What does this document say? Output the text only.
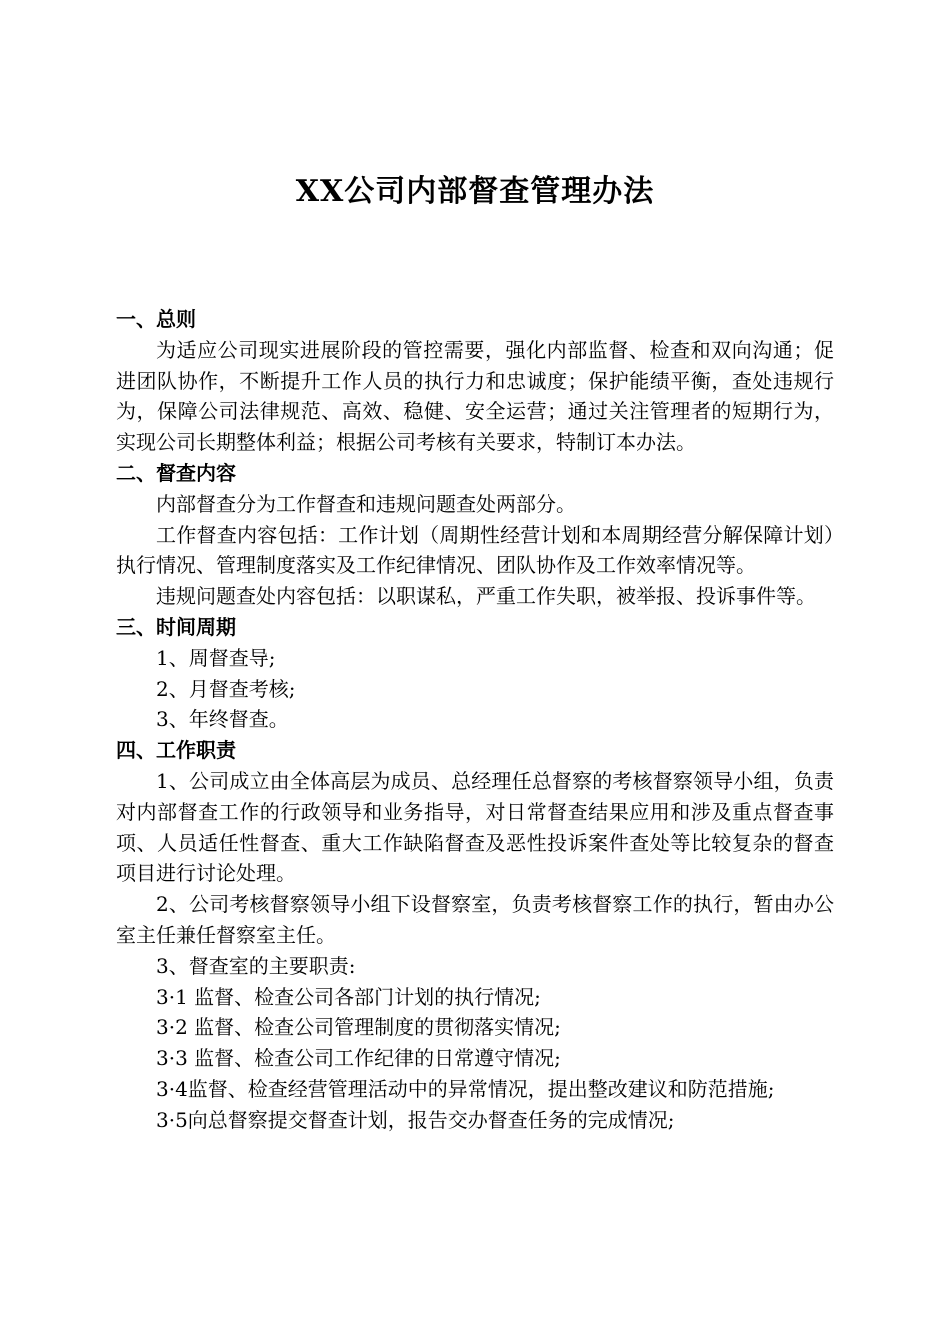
XX公司内部督查管理办法

一、总则

为适应公司现实进展阶段的管控需要，强化内部监督、检查和双向沟通；促进团队协作，不断提升工作人员的执行力和忠诚度；保护能绩平衡，查处违规行为，保障公司法律规范、高效、稳健、安全运营；通过关注管理者的短期行为，实现公司长期整体利益；根据公司考核有关要求，特制订本办法。

二、督查内容

内部督查分为工作督查和违规问题查处两部分。

工作督查内容包括：工作计划（周期性经营计划和本周期经营分解保障计划）执行情况、管理制度落实及工作纪律情况、团队协作及工作效率情况等。

违规问题查处内容包括：以职谋私，严重工作失职，被举报、投诉事件等。

三、时间周期

1、周督查导;

2、月督查考核;

3、年终督查。

四、工作职责

1、公司成立由全体高层为成员、总经理任总督察的考核督察领导小组，负责对内部督查工作的行政领导和业务指导，对日常督查结果应用和涉及重点督查事项、人员适任性督查、重大工作缺陷督查及恶性投诉案件查处等比较复杂的督查项目进行讨论处理。

2、公司考核督察领导小组下设督察室，负责考核督察工作的执行，暂由办公室主任兼任督察室主任。

3、督查室的主要职责:

3·1 监督、检查公司各部门计划的执行情况;

3·2 监督、检查公司管理制度的贯彻落实情况;

3·3 监督、检查公司工作纪律的日常遵守情况;

3·4监督、检查经营管理活动中的异常情况，提出整改建议和防范措施;

3·5向总督察提交督查计划，报告交办督查任务的完成情况;
